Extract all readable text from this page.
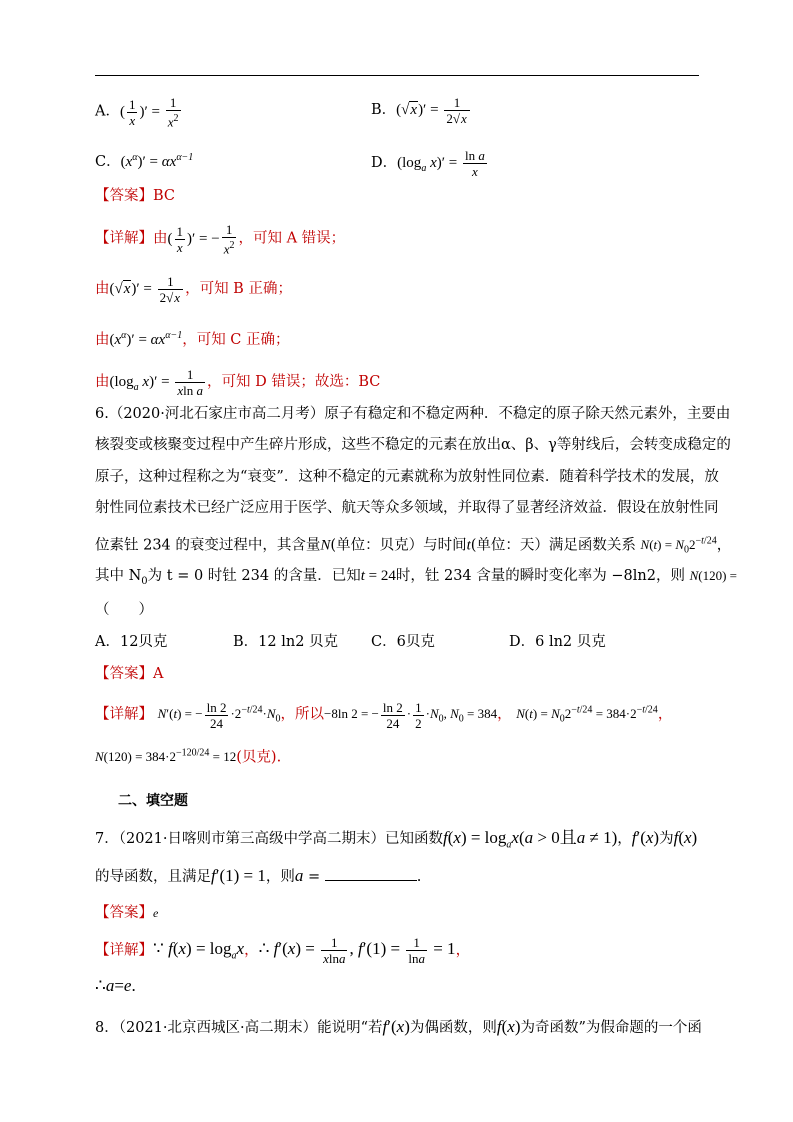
A．( $\frac{1}{x}$ )′ = $\frac{1}{x^2}$	B．$(√x)' = \frac{1}{2√x}$
C．$(x^\alpha)' = \alpha x^{\alpha-1}$	D．($\log_a$ $x)' = \frac{\text{ln a}}{x}$
【答案】BC
【详解】由( $\frac{1}{x}$ )′ = − $\frac{1}{x^2}$ ，可知 A 错误；
由$(√x)' = \frac{1}{2√x}$ ，可知 B 正确；
由$(x^\alpha)' = \alpha x^{\alpha-1}$，可知 C 正确；
由($\log_a$ $x)' = \frac{1}{\text{xln a}}$ ，可知 D 错误；故选：BC
6.（2020·河北石家庄市高二月考）原子有稳定和不稳定两种．不稳定的原子除天然元素外，主要由
核裂变或核聚变过程中产生碎片形成，这些不稳定的元素在放出α、β、γ等射线后，会转变成稳定的
原子，这种过程称之为“衰变”．这种不稳定的元素就称为放射性同位素．随着科学技术的发展，放
射性同位素技术已经广泛应用于医学、航天等众多领域，并取得了显著经济效益．假设在放射性同
位素钍 234 的衰变过程中，其含量N(单位：贝克）与时间t(单位：天）满足函数关系 $N(t) = N_02^{-t/24}$，
其中 $N_0$为 t = 0 时钍 234 的含量．已知t = 24时，钍 234 含量的瞬时变化率为 −8ln2，则 N(120) =
（　　）
A．12贝克	B．12 ln2 贝克 C．6贝克	D．6 ln2 贝克
【答案】A
【详解】 N′(t) = − $\frac{\ln 2}{24} \cdot 2^{-t/24}\cdot N_0$，所以−8ln 2 = − $\frac{\ln 2}{24} \cdot \frac{1}{2} \cdot N_0$, $N_0 = 384$， $N(t) = N_02^{-t/24} = 384\cdot 2^{-t/24}$，
$N(120) = 384\cdot 2^{-120/24} = 12$(贝克).
二、填空题
7．（2021·日喀则市第三高级中学高二期末）已知函数$f(x) = \log_ax(a > 0$且a ≠ 1)，f′(x)为f(x)
的导函数，且满足f′(1) = 1，则a =	.
【答案】e
【详解】∵ $f(x) = \log_ax$，∴ $f'(x) = \frac{1}{xlna}$ , $f'(1) = \frac{1}{\ln a} = 1$，
∴a=e.
8．（2021·北京西城区·高二期末）能说明“若f′(x)为偶函数，则f(x)为奇函数”为假命题的一个函
